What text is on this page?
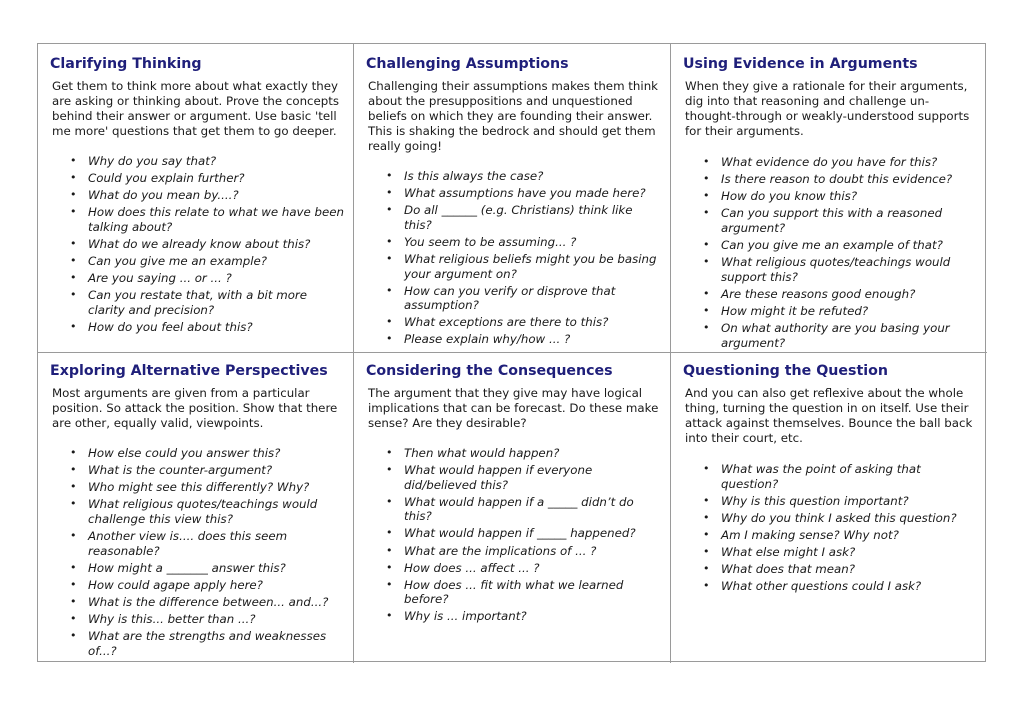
Clarifying Thinking
Get them to think more about what exactly they are asking or thinking about. Prove the concepts behind their answer or argument. Use basic 'tell me more' questions that get them to go deeper.
• Why do you say that?
• Could you explain further?
• What do you mean by....?
• How does this relate to what we have been talking about?
• What do we already know about this?
• Can you give me an example?
• Are you saying ... or ... ?
• Can you restate that, with a bit more clarity and precision?
• How do you feel about this?
Challenging Assumptions
Challenging their assumptions makes them think about the presuppositions and unquestioned beliefs on which they are founding their answer. This is shaking the bedrock and should get them really going!
• Is this always the case?
• What assumptions have you made here?
• Do all ______ (e.g. Christians) think like this?
• You seem to be assuming... ?
• What religious beliefs might you be basing your argument on?
• How can you verify or disprove that assumption?
• What exceptions are there to this?
• Please explain why/how ... ?
Using Evidence in Arguments
When they give a rationale for their arguments, dig into that reasoning and challenge un-thought-through or weakly-understood supports for their arguments.
• What evidence do you have for this?
• Is there reason to doubt this evidence?
• How do you know this?
• Can you support this with a reasoned argument?
• Can you give me an example of that?
• What religious quotes/teachings would support this?
• Are these reasons good enough?
• How might it be refuted?
• On what authority are you basing your argument?
Exploring Alternative Perspectives
Most arguments are given from a particular position. So attack the position. Show that there are other, equally valid, viewpoints.
• How else could you answer this?
• What is the counter-argument?
• Who might see this differently? Why?
• What religious quotes/teachings would challenge this view this?
• Another view is.... does this seem reasonable?
• How might a _______ answer this?
• How could agape apply here?
• What is the difference between... and...?
• Why is this... better than ...?
• What are the strengths and weaknesses of...?
Considering the Consequences
The argument that they give may have logical implications that can be forecast. Do these make sense? Are they desirable?
• Then what would happen?
• What would happen if everyone did/believed this?
• What would happen if a _____ didn’t do this?
• What would happen if _____ happened?
• What are the implications of ... ?
• How does ... affect ... ?
• How does ... fit with what we learned before?
• Why is ... important?
Questioning the Question
And you can also get reflexive about the whole thing, turning the question in on itself. Use their attack against themselves. Bounce the ball back into their court, etc.
• What was the point of asking that question?
• Why is this question important?
• Why do you think I asked this question?
• Am I making sense? Why not?
• What else might I ask?
• What does that mean?
• What other questions could I ask?
